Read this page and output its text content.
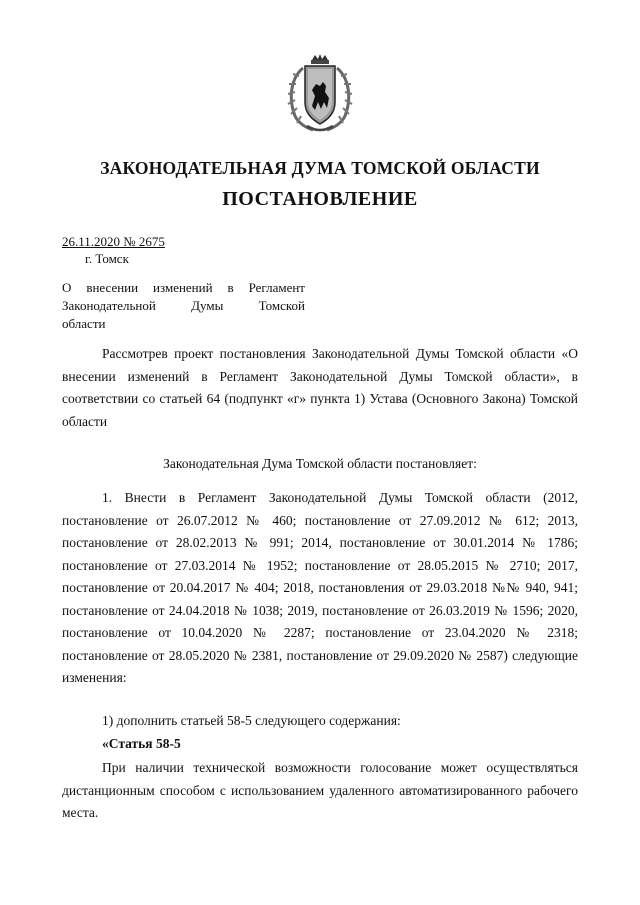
ЗАКОНОДАТЕЛЬНАЯ ДУМА ТОМСКОЙ ОБЛАСТИ
ПОСТАНОВЛЕНИЕ
26.11.2020 № 2675
г. Томск
О внесении изменений в Регламент
Законодательной Думы Томской
области

Рассмотрев проект постановления Законодательной Думы Томской области «О внесении изменений в Регламент Законодательной Думы Томской области», в соответствии со статьей 64 (подпункт «г» пункта 1) Устава (Основного Закона) Томской области

Законодательная Дума Томской области постановляет:

1. Внести в Регламент Законодательной Думы Томской области (2012, постановление от 26.07.2012 № 460; постановление от 27.09.2012 № 612; 2013, постановление от 28.02.2013 № 991; 2014, постановление от 30.01.2014 № 1786; постановление от 27.03.2014 № 1952; постановление от 28.05.2015 № 2710; 2017, постановление от 20.04.2017 № 404; 2018, постановления от 29.03.2018 №№ 940, 941; постановление от 24.04.2018 № 1038; 2019, постановление от 26.03.2019 № 1596; 2020, постановление от 10.04.2020 № 2287; постановление от 23.04.2020 № 2318; постановление от 28.05.2020 № 2381, постановление от 29.09.2020 № 2587) следующие изменения:

1) дополнить статьей 58-5 следующего содержания:

«Статья 58-5

При наличии технической возможности голосование может осуществляться дистанционным способом с использованием удаленного автоматизированного рабочего места.
